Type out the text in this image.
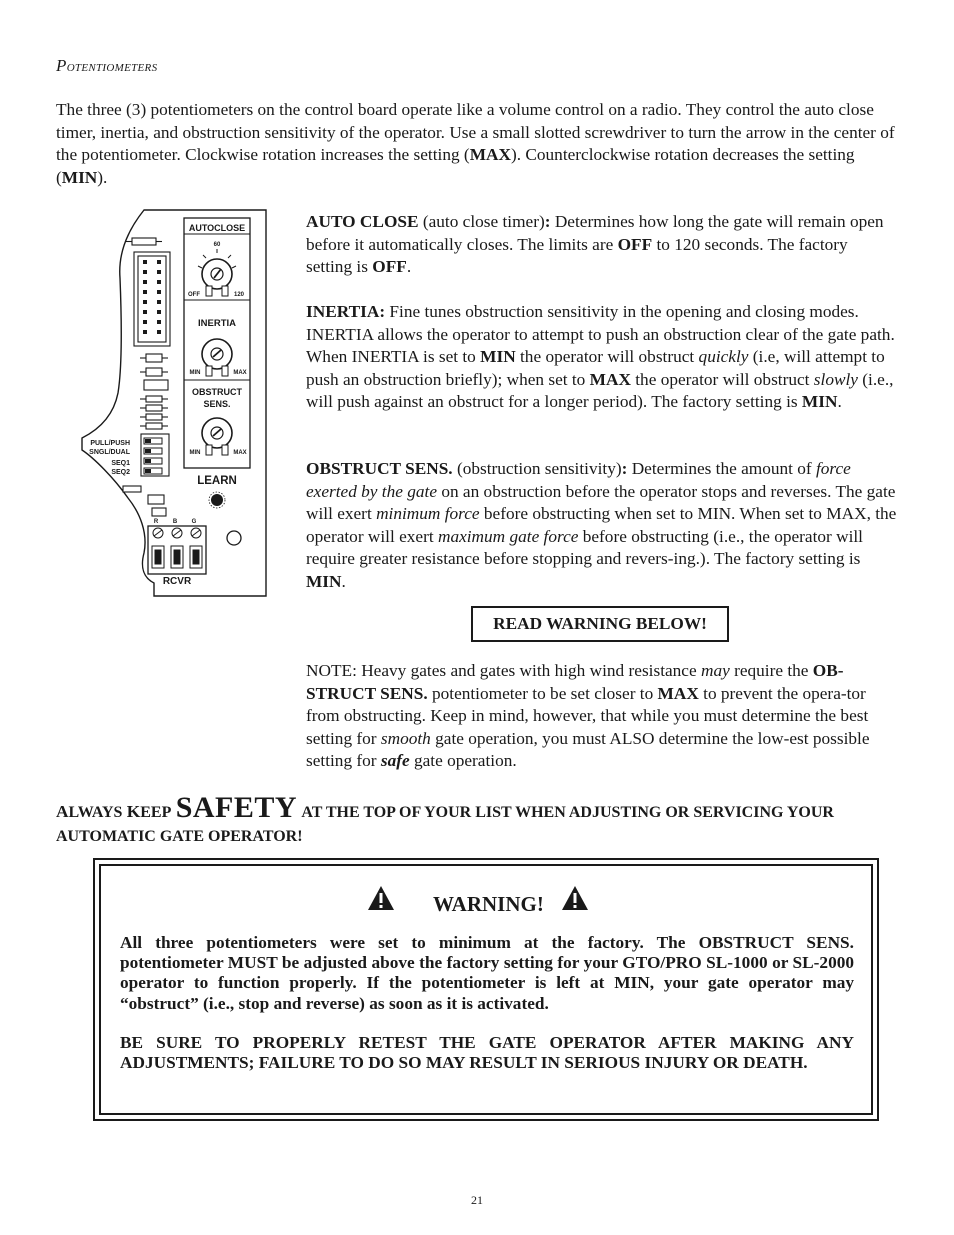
POTENTIOMETERS

The three (3) potentiometers on the control board operate like a volume control on a radio. They control the auto close timer, inertia, and obstruction sensitivity of the operator. Use a small slotted screwdriver to turn the arrow in the center of the potentiometer. Clockwise rotation increases the setting (MAX). Counterclockwise rotation decreases the setting (MIN).

PULL/PUSH
SNGL/DUAL
SEQ1
SEQ2
AUTOCLOSE
60
OFF	120
INERTIA
MIN	MAX
OBSTRUCT
SENS.
MIN	MAX
LEARN
R B G
RCVR

AUTO CLOSE (auto close timer): Determines how long the gate will remain open before it automatically closes. The limits are OFF to 120 seconds. The factory setting is OFF.

INERTIA: Fine tunes obstruction sensitivity in the opening and closing modes. INERTIA allows the operator to attempt to push an obstruction clear of the gate path. When INERTIA is set to MIN the operator will obstruct quickly (i.e, will attempt to push an obstruction briefly); when set to MAX the operator will obstruct slowly (i.e., will push against an obstruct for a longer period). The factory setting is MIN.

OBSTRUCT SENS. (obstruction sensitivity): Determines the amount of force exerted by the gate on an obstruction before the operator stops and reverses. The gate will exert minimum force before obstructing when set to MIN. When set to MAX, the operator will exert maximum gate force before obstructing (i.e., the operator will require greater resistance before stopping and revers-ing.). The factory setting is MIN.

READ WARNING BELOW!

NOTE: Heavy gates and gates with high wind resistance may require the OB-STRUCT SENS. potentiometer to be set closer to MAX to prevent the opera-tor from obstructing. Keep in mind, however, that while you must determine the best setting for smooth gate operation, you must ALSO determine the low-est possible setting for safe gate operation.

ALWAYS KEEP SAFETY AT THE TOP OF YOUR LIST WHEN ADJUSTING OR SERVICING YOUR AUTOMATIC GATE OPERATOR!
WARNING!

All three potentiometers were set to minimum at the factory. The OBSTRUCT SENS. potentiometer MUST be adjusted above the factory setting for your GTO/PRO SL-1000 or SL-2000 operator to function properly. If the potentiometer is left at MIN, your gate operator may “obstruct” (i.e., stop and reverse) as soon as it is activated.

BE SURE TO PROPERLY RETEST THE GATE OPERATOR AFTER MAKING ANY ADJUSTMENTS; FAILURE TO DO SO MAY RESULT IN SERIOUS INJURY OR DEATH.

21
